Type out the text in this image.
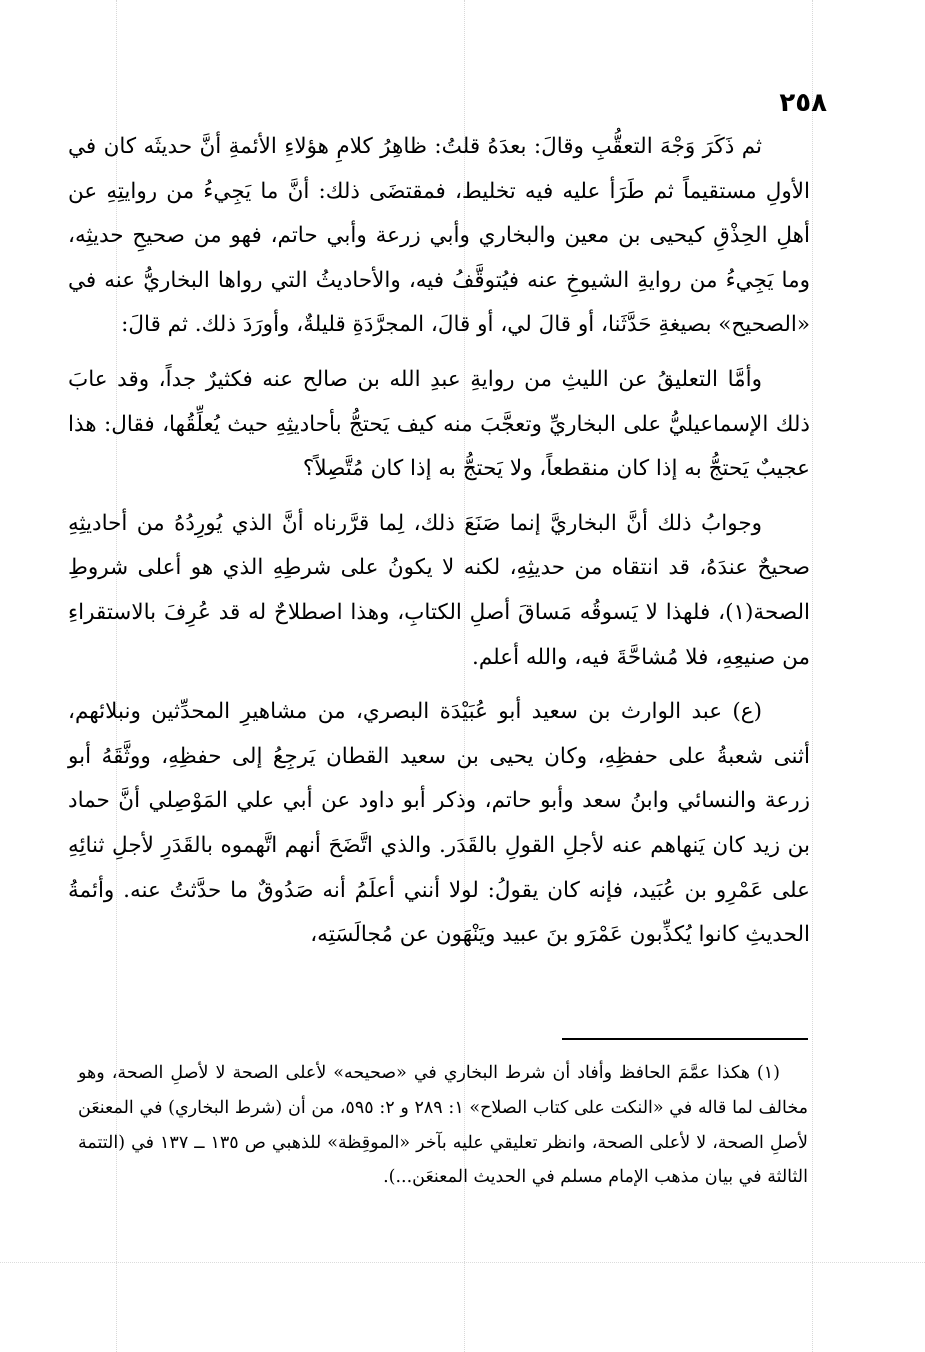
٢٥٨

ثم ذَكَرَ وَجْهَ التعقُّبِ وقالَ: بعدَهُ قلتُ: ظاهِرُ كلامِ هؤلاءِ الأئمةِ أنَّ حديثَه كان في الأولِ مستقيماً ثم طَرَأ عليه فيه تخليط، فمقتضَى ذلك: أنَّ ما يَجِيءُ من روايتِهِ عن أهلِ الحِذْقِ كيحيى بن معين والبخاري وأبي زرعة وأبي حاتم، فهو من صحيحِ حديثِه، وما يَجِيءُ من روايةِ الشيوخِ عنه فيُتوقَّفُ فيه، والأحاديثُ التي رواها البخاريُّ عنه في «الصحيح» بصيغةِ حَدَّثَنا، أو قالَ لي، أو قالَ، المجرَّدَةِ قليلةٌ، وأورَدَ ذلك. ثم قالَ:

وأمَّا التعليقُ عن الليثِ من روايةِ عبدِ الله بن صالح عنه فكثيرٌ جداً، وقد عابَ ذلك الإسماعيليُّ على البخاريِّ وتعجَّبَ منه كيف يَحتجُّ بأحاديثِهِ حيث يُعلِّقُها، فقال: هذا عجيبٌ يَحتجُّ به إذا كان منقطعاً، ولا يَحتجُّ به إذا كان مُتَّصِلاً؟

وجوابُ ذلك أنَّ البخاريَّ إنما صَنَعَ ذلك، لِما قرَّرناه أنَّ الذي يُورِدُهُ من أحاديثِهِ صحيحٌ عندَهُ، قد انتقاه من حديثِهِ، لكنه لا يكونُ على شرطِهِ الذي هو أعلى شروطِ الصحة(١)، فلهذا لا يَسوقُه مَساقَ أصلِ الكتابِ، وهذا اصطلاحٌ له قد عُرِفَ بالاستقراءِ من صنيعِهِ، فلا مُشاحَّةَ فيه، والله أعلم.

(ع) عبد الوارث بن سعيد أبو عُبَيْدَة البصري، من مشاهيرِ المحدِّثين ونبلائهم، أثنى شعبةُ على حفظِهِ، وكان يحيى بن سعيد القطان يَرجِعُ إلى حفظِهِ، ووثَّقَهُ أبو زرعة والنسائي وابنُ سعد وأبو حاتم، وذكر أبو داود عن أبي علي المَوْصِلي أنَّ حماد بن زيد كان يَنهاهم عنه لأجلِ القولِ بالقَدَر. والذي اتَّضَحَ أنهم اتَّهموه بالقَدَرِ لأجلِ ثنائِهِ على عَمْرِو بن عُبَيد، فإنه كان يقولُ: لولا أنني أعلَمُ أنه صَدُوقٌ ما حدَّثتُ عنه. وأئمةُ الحديثِ كانوا يُكذِّبون عَمْرَو بنَ عبيد ويَنْهَون عن مُجالَسَتِه،

(١) هكذا عمَّمَ الحافظ وأفاد أن شرط البخاري في «صحيحه» لأعلى الصحة لا لأصلِ الصحة، وهو مخالف لما قاله في «النكت على كتاب الصلاح» ١: ٢٨٩ و ٢: ٥٩٥، من أن (شرط البخاري) في المعنعَن لأصلِ الصحة، لا لأعلى الصحة، وانظر تعليقي عليه بآخر «الموقِظة» للذهبي ص ١٣٥ ــ ١٣٧ في (التتمة الثالثة في بيان مذهب الإمام مسلم في الحديث المعنعَن...).
